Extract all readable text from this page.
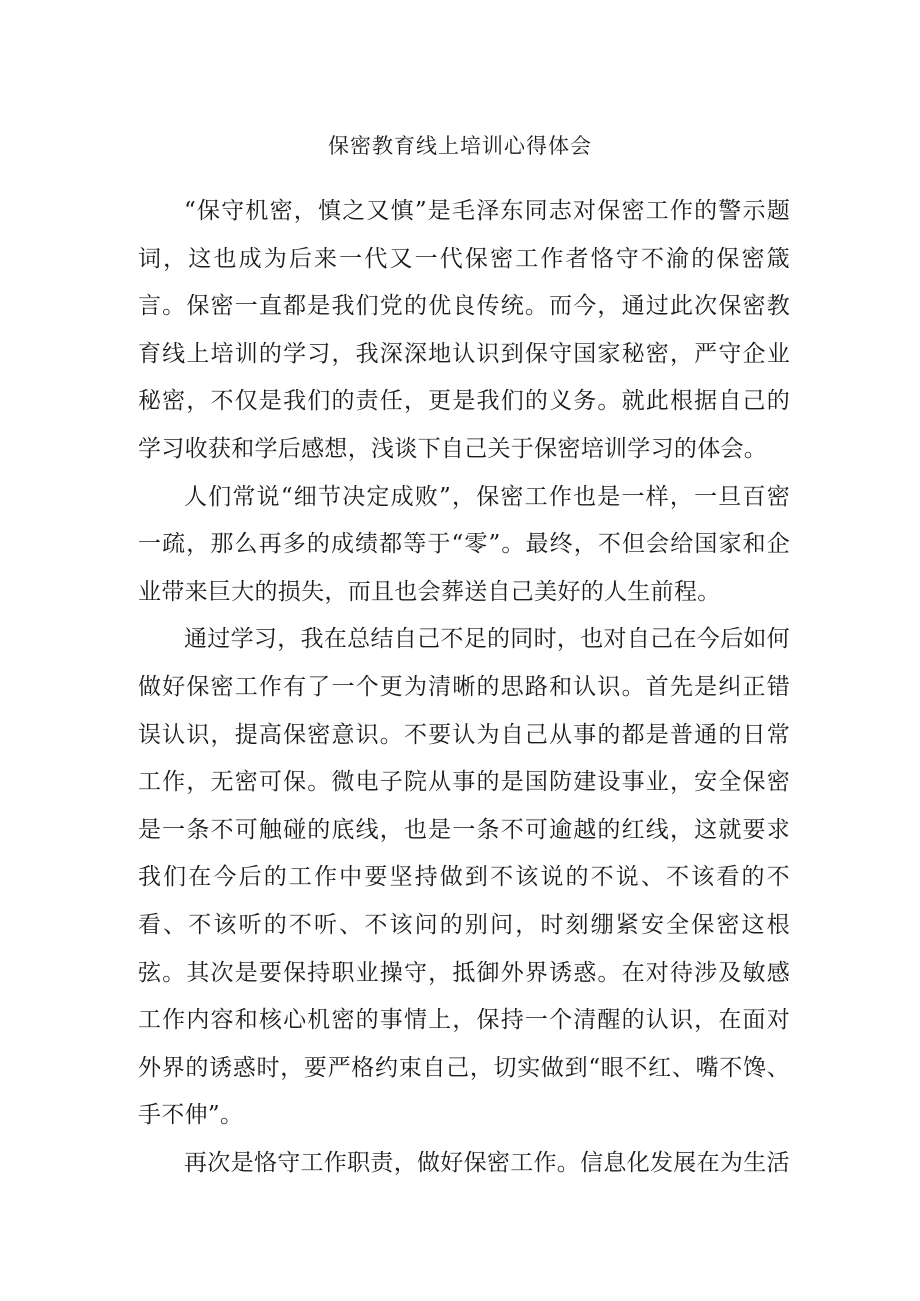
保密教育线上培训心得体会

“保守机密，慎之又慎”是毛泽东同志对保密工作的警示题词，这也成为后来一代又一代保密工作者恪守不渝的保密箴言。保密一直都是我们党的优良传统。而今，通过此次保密教育线上培训的学习，我深深地认识到保守国家秘密，严守企业秘密，不仅是我们的责任，更是我们的义务。就此根据自己的学习收获和学后感想，浅谈下自己关于保密培训学习的体会。

人们常说“细节决定成败”，保密工作也是一样，一旦百密一疏，那么再多的成绩都等于“零”。最终，不但会给国家和企业带来巨大的损失，而且也会葬送自己美好的人生前程。

通过学习，我在总结自己不足的同时，也对自己在今后如何做好保密工作有了一个更为清晰的思路和认识。首先是纠正错误认识，提高保密意识。不要认为自己从事的都是普通的日常工作，无密可保。微电子院从事的是国防建设事业，安全保密是一条不可触碰的底线，也是一条不可逾越的红线，这就要求我们在今后的工作中要坚持做到不该说的不说、不该看的不看、不该听的不听、不该问的别问，时刻绷紧安全保密这根弦。其次是要保持职业操守，抵御外界诱惑。在对待涉及敏感工作内容和核心机密的事情上，保持一个清醒的认识，在面对外界的诱惑时，要严格约束自己，切实做到“眼不红、嘴不馋、手不伸”。

再次是恪守工作职责，做好保密工作。信息化发展在为生活
